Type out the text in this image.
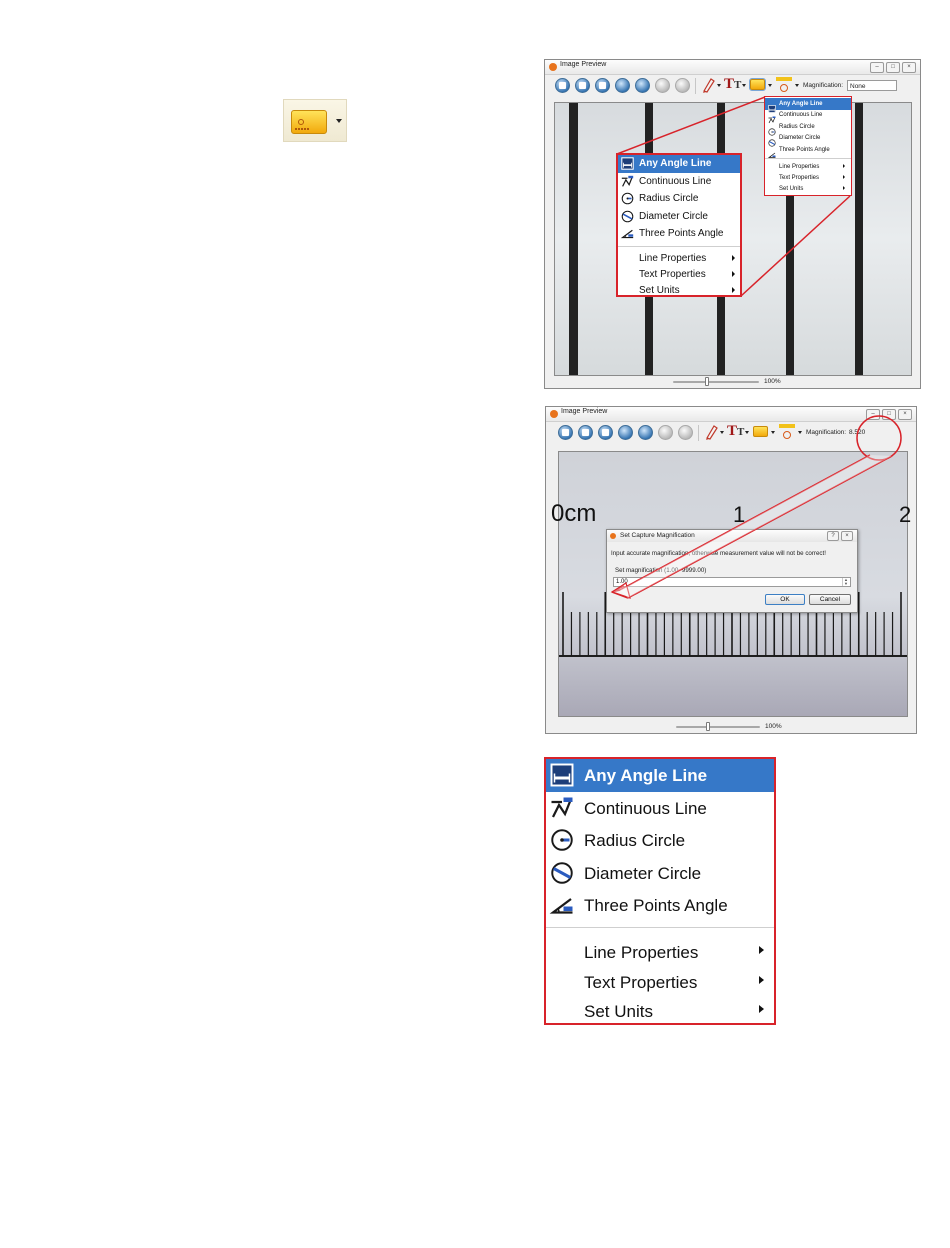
Image Preview	–	□	×
TT	Magnification:	None
100%
Any Angle Line
Continuous Line
Radius Circle
Diameter Circle
Three Points Angle
Line Properties
Text Properties
Set Units
Any Angle Line
Continuous Line
Radius Circle
Diameter Circle
Three Points Angle
Line Properties
Text Properties
Set Units
Image Preview	–	□	×
TT	Magnification: 8.520
0cm	1	2
100%
Set Capture Magnification	?	×
Input accurate magnification, otherwise measurement value will not be correct!
Set magnification (1.00~9999.00)
1.00	▲
▼
OK	Cancel
Any Angle Line
Continuous Line
Radius Circle
Diameter Circle
Three Points Angle
Line Properties
Text Properties
Set Units
